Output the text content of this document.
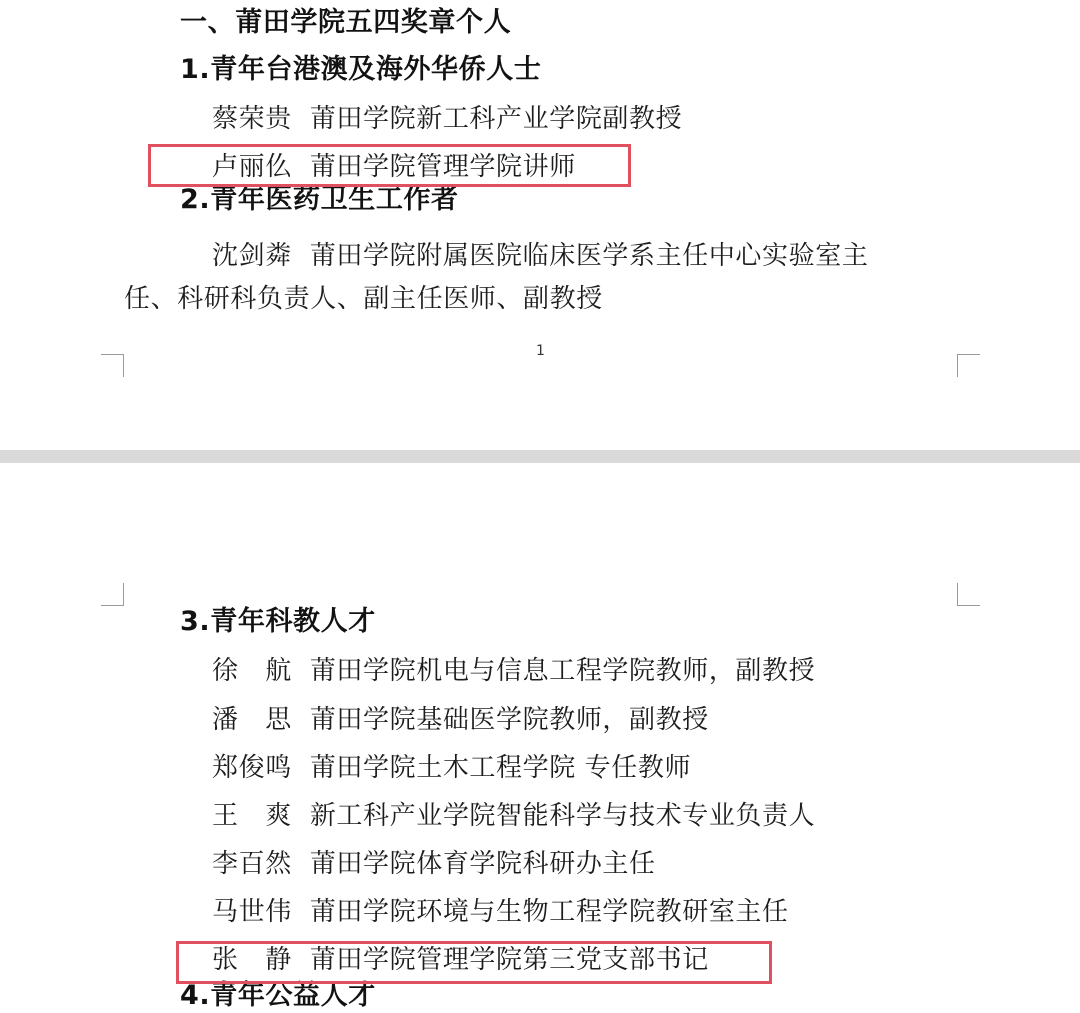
一、莆田学院五四奖章个人
1.青年台港澳及海外华侨人士
蔡荣贵 莆田学院新工科产业学院副教授
卢丽仫 莆田学院管理学院讲师
2.青年医药卫生工作者
沈剑粦 莆田学院附属医院临床医学系主任中心实验室主
任、科研科负责人、副主任医师、副教授
1
3.青年科教人才
徐　航 莆田学院机电与信息工程学院教师，副教授
潘　思 莆田学院基础医学院教师，副教授
郑俊鸣 莆田学院土木工程学院 专任教师
王　爽 新工科产业学院智能科学与技术专业负责人
李百然 莆田学院体育学院科研办主任
马世伟 莆田学院环境与生物工程学院教研室主任
张　静 莆田学院管理学院第三党支部书记
4.青年公益人才
